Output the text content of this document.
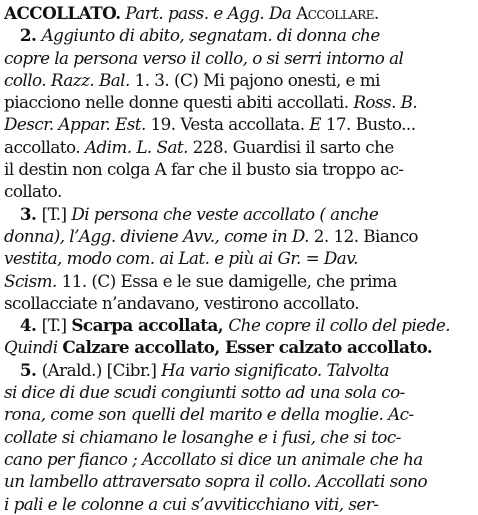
ACCOLLATO. Part. pass. e Agg. Da Accollare.
2. Aggiunto di abito, segnatam. di donna che
copre la persona verso il collo, o si serri intorno al
collo. Razz. Bal. 1. 3. (C) Mi pajono onesti, e mi
piacciono nelle donne questi abiti accollati. Ross. B.
Descr. Appar. Est. 19. Vesta accollata. E 17. Busto...
accollato. Adim. L. Sat. 228. Guardisi il sarto che
il destin non colga A far che il busto sia troppo ac-
collato.
3. [T.] Di persona che veste accollato ( anche
donna), l’Agg. diviene Avv., come in D. 2. 12. Bianco
vestita, modo com. ai Lat. e più ai Gr. = Dav.
Scism. 11. (C) Essa e le sue damigelle, che prima
scollacciate n’andavano, vestirono accollato.
4. [T.] Scarpa accollata, Che copre il collo del piede.
Quindi Calzare accollato, Esser calzato accollato.
5. (Arald.) [Cibr.] Ha vario significato. Talvolta
si dice di due scudi congiunti sotto ad una sola co-
rona, come son quelli del marito e della moglie. Ac-
collate si chiamano le losanghe e i fusi, che si toc-
cano per fianco ; Accollato si dice un animale che ha
un lambello attraversato sopra il collo. Accollati sono
i pali e le colonne a cui s’avviticchiano viti, ser-
